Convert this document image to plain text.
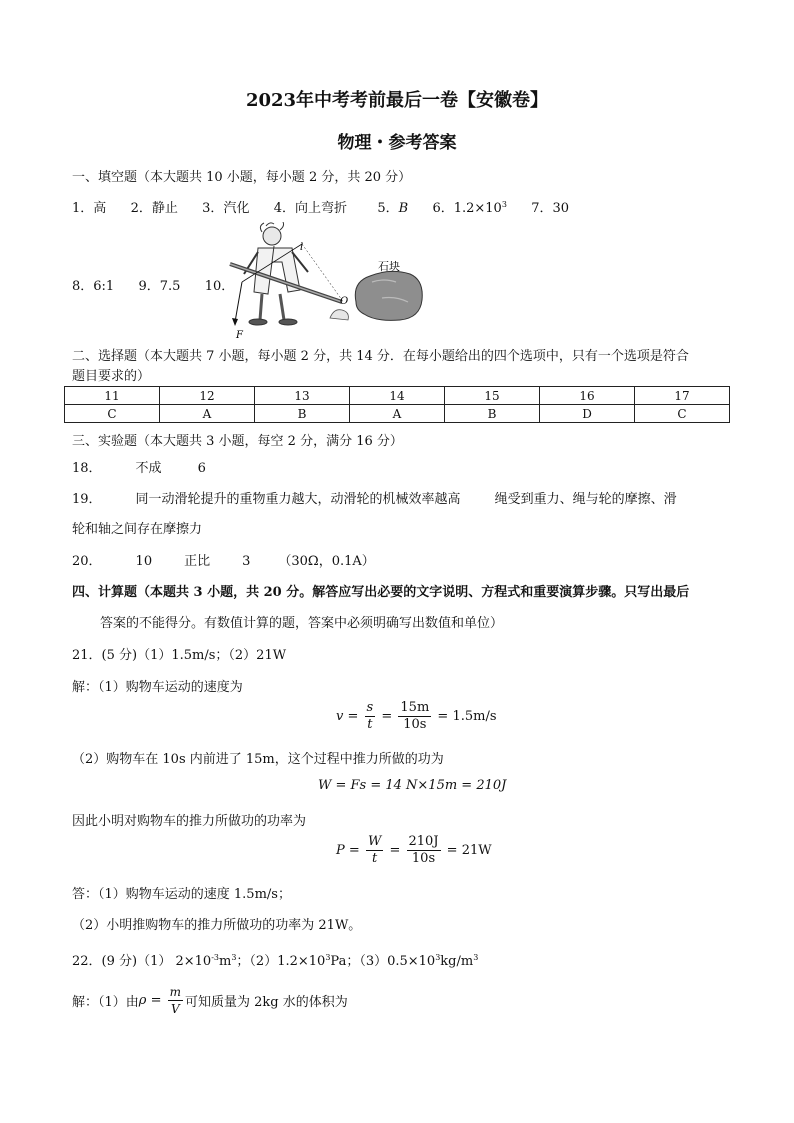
2023年中考考前最后一卷【安徽卷】
物理・参考答案
一、填空题（本大题共 10 小题，每小题 2 分，共 20 分）
1．高 2．静止 3．汽化 4．向上弯折 5．B 6．$1.2\times 10^3$ 7．30
8．6:1 9．7.5 10．
F
l
O
石块
二、选择题（本大题共 7 小题，每小题 2 分，共 14 分．在每小题给出的四个选项中，只有一个选项是符合
题目要求的）
11	12	13	14	15	16	17
C	A	B	A	B	D	C
三、实验题（本大题共 3 小题，每空 2 分，满分 16 分）
18．	不成	6
19．	同一动滑轮提升的重物重力越大，动滑轮的机械效率越高	绳受到重力、绳与轮的摩擦、滑
轮和轴之间存在摩擦力
20．	10 正比 3 （30Ω，0.1A）
四、计算题（本题共 3 小题，共 20 分。解答应写出必要的文字说明、方程式和重要演算步骤。只写出最后
答案的不能得分。有数值计算的题，答案中必须明确写出数值和单位）
21．(5 分)（1）1.5m/s；（2）21W
解：（1）购物车运动的速度为
$v = \frac{s}{t} = \frac{15m}{10s} = 1.5m/s$
（2）购物车在 10s 内前进了 15m，这个过程中推力所做的功为
W = Fs = 14 N×15m = 210J
因此小明对购物车的推力所做功的功率为
$P = \frac{W}{t} = \frac{210J}{10s} = 21W$
答：（1）购物车运动的速度 1.5m/s；
（2）小明推购物车的推力所做功的功率为 21W。
22．(9 分)（1） $2\times 10^{-3}m^3$；$(2)1.2\times 10^3Pa$；$(3)0.5\times 10^3kg/m^3$
解：（1）由$\rho = \frac{m}{V}$ 可知质量为 2kg 水的体积为
